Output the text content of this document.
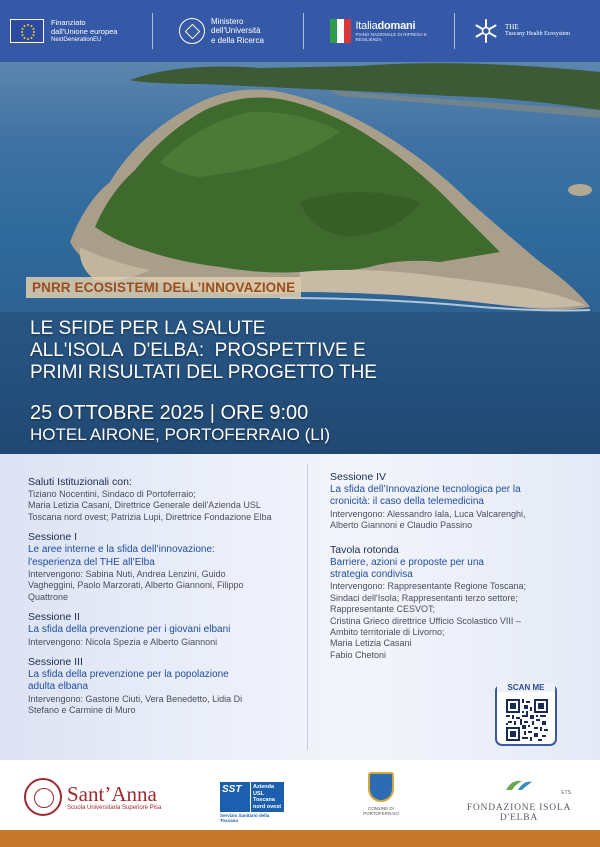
Finanziato
dall'Unione europea
NextGenerationEU
Ministero
dell'Università
e della Ricerca
Italiadomani
PIANO NAZIONALE DI RIPRESA E RESILIENZA
THE
Tuscany Health Ecosystem
PNRR ECOSISTEMI DELL’INNOVAZIONE
LE SFIDE PER LA SALUTE
ALL'ISOLA  D'ELBA:  PROSPETTIVE E
PRIMI RISULTATI DEL PROGETTO THE
25 OTTOBRE 2025 | ORE 9:00
HOTEL AIRONE, PORTOFERRAIO (LI)
Saluti Istituzionali con:
Tiziano Nocentini, Sindaco di Portoferraio;
Maria Letizia Casani, Direttrice Generale dell'Azienda USL
Toscana nord ovest; Patrizia Lupi, Direttrice Fondazione Elba
Sessione I
Le aree interne e la sfida dell’innovazione:
l'esperienza del THE all’Elba
Intervengono: Sabina Nuti, Andrea Lenzini, Guido
Vagheggini, Paolo Marzorati, Alberto Giannoni, Filippo
Quattrone
Sessione II
La sfida della prevenzione per i giovani elbani
Intervengono: Nicola Spezia e Alberto Giannoni
Sessione III
La sfida della prevenzione per la popolazione
adulta elbana
Intervengono: Gastone Ciuti, Vera Benedetto, Lidia Di
Stefano e Carmine di Muro
Sessione IV
La sfida dell’Innovazione tecnologica per la
cronicità: il caso della telemedicina
Intervengono: Alessandro Iala, Luca Valcarenghi,
Alberto Giannoni e Claudio Passino
Tavola rotonda
Barriere, azioni e proposte per una
strategia condivisa
Intervengono: Rappresentante Regione Toscana;
Sindaci dell'Isola; Rappresentanti terzo settore;
Rappresentante CESVOT;
Cristina Grieco direttrice Ufficio Scolastico VIII –
Ambito territoriale di Livorno;
Maria Letizia Casani
Fabio Chetoni
SCAN ME
Sant’Anna
Scuola Universitaria Superiore Pisa
SST	Azienda
USL
Toscana
nord ovest
Servizio Sanitario della Toscana
COMUNE DI PORTOFERRAIO
ETS
FONDAZIONE ISOLA D'ELBA
